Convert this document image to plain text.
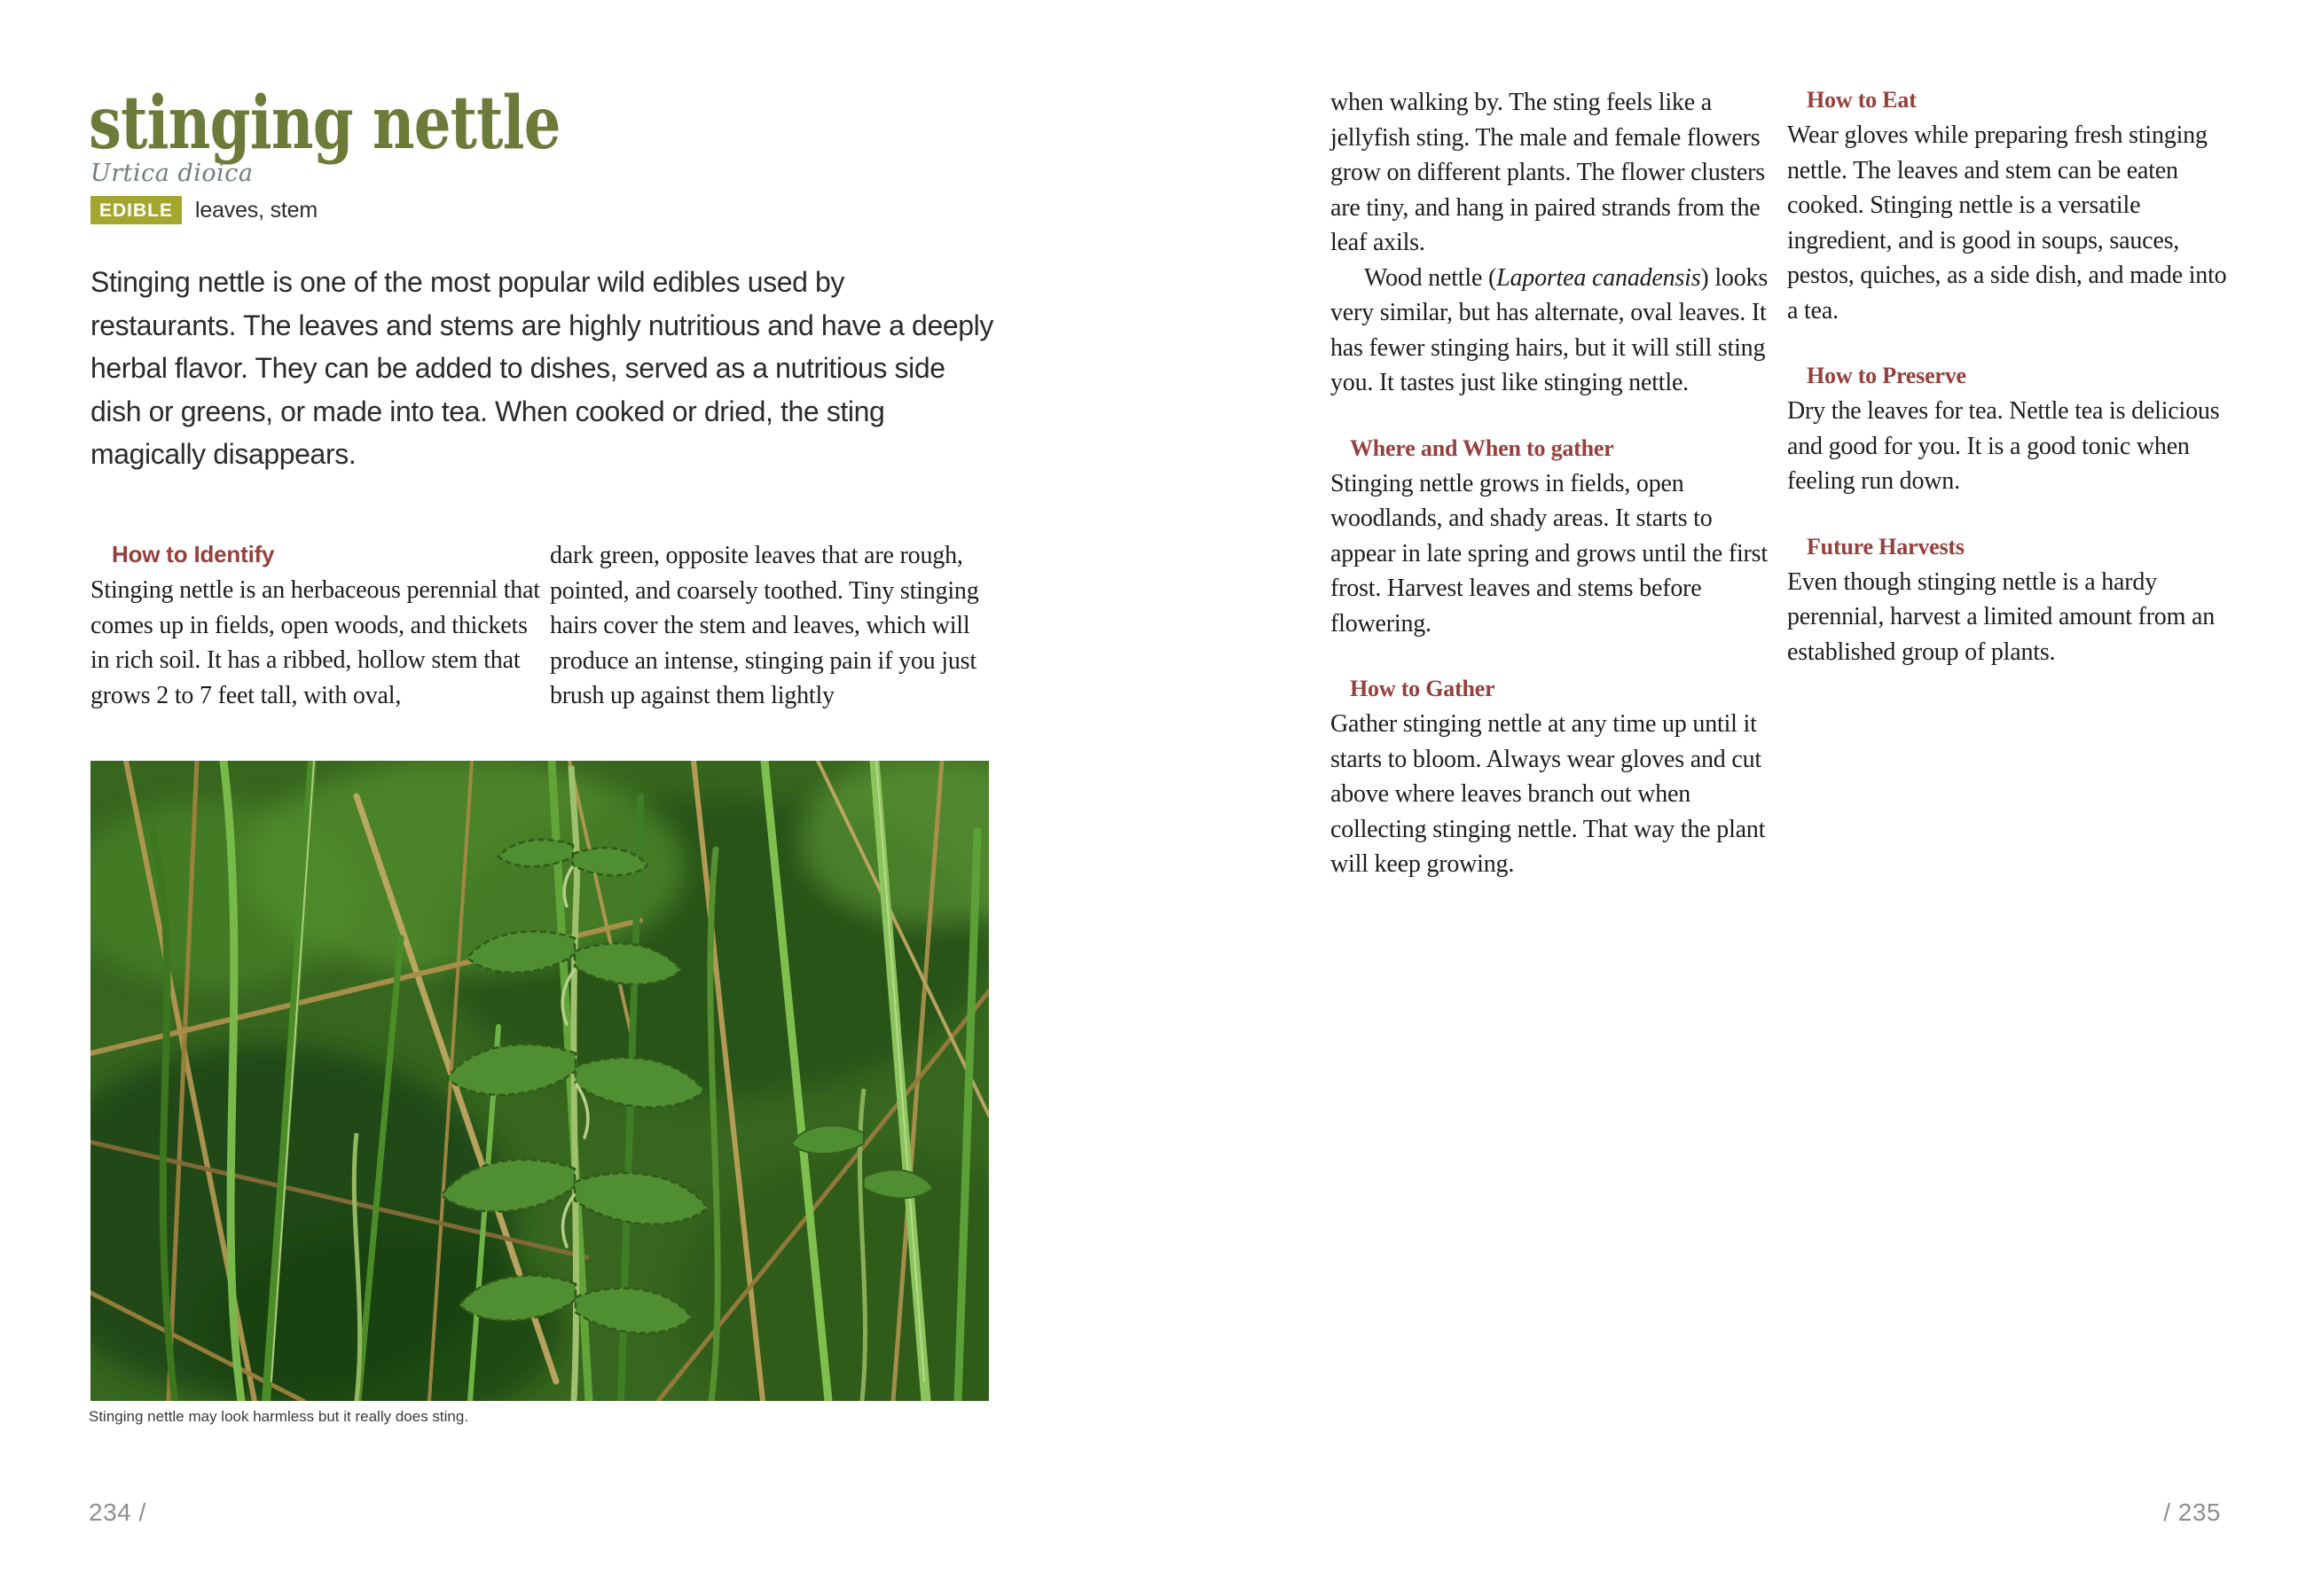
stinging nettle

Urtica dioica

EDIBLE	leaves, stem

Stinging nettle is one of the most popular wild edibles used by restaurants. The leaves and stems are highly nutritious and have a deeply herbal flavor. They can be added to dishes, served as a nutritious side dish or greens, or made into tea. When cooked or dried, the sting magically disappears.

How to Identify

Stinging nettle is an herbaceous perennial that comes up in fields, open woods, and thickets in rich soil. It has a ribbed, hollow stem that grows 2 to 7 feet tall, with oval,

dark green, opposite leaves that are rough, pointed, and coarsely toothed. Tiny stinging hairs cover the stem and leaves, which will produce an intense, stinging pain if you just brush up against them lightly

Stinging nettle may look harmless but it really does sting.

234 /

when walking by. The sting feels like a jellyfish sting. The male and female flowers grow on different plants. The flower clusters are tiny, and hang in paired strands from the leaf axils.

Wood nettle (Laportea canadensis) looks very similar, but has alternate, oval leaves. It has fewer stinging hairs, but it will still sting you. It tastes just like stinging nettle.

Where and When to gather

Stinging nettle grows in fields, open woodlands, and shady areas. It starts to appear in late spring and grows until the first frost. Harvest leaves and stems before flowering.

How to Gather

Gather stinging nettle at any time up until it starts to bloom. Always wear gloves and cut above where leaves branch out when collecting stinging nettle. That way the plant will keep growing.

How to Eat

Wear gloves while preparing fresh stinging nettle. The leaves and stem can be eaten cooked. Stinging nettle is a versatile ingredient, and is good in soups, sauces, pestos, quiches, as a side dish, and made into a tea.

How to Preserve

Dry the leaves for tea. Nettle tea is delicious and good for you. It is a good tonic when feeling run down.

Future Harvests

Even though stinging nettle is a hardy perennial, harvest a limited amount from an established group of plants.

/ 235
